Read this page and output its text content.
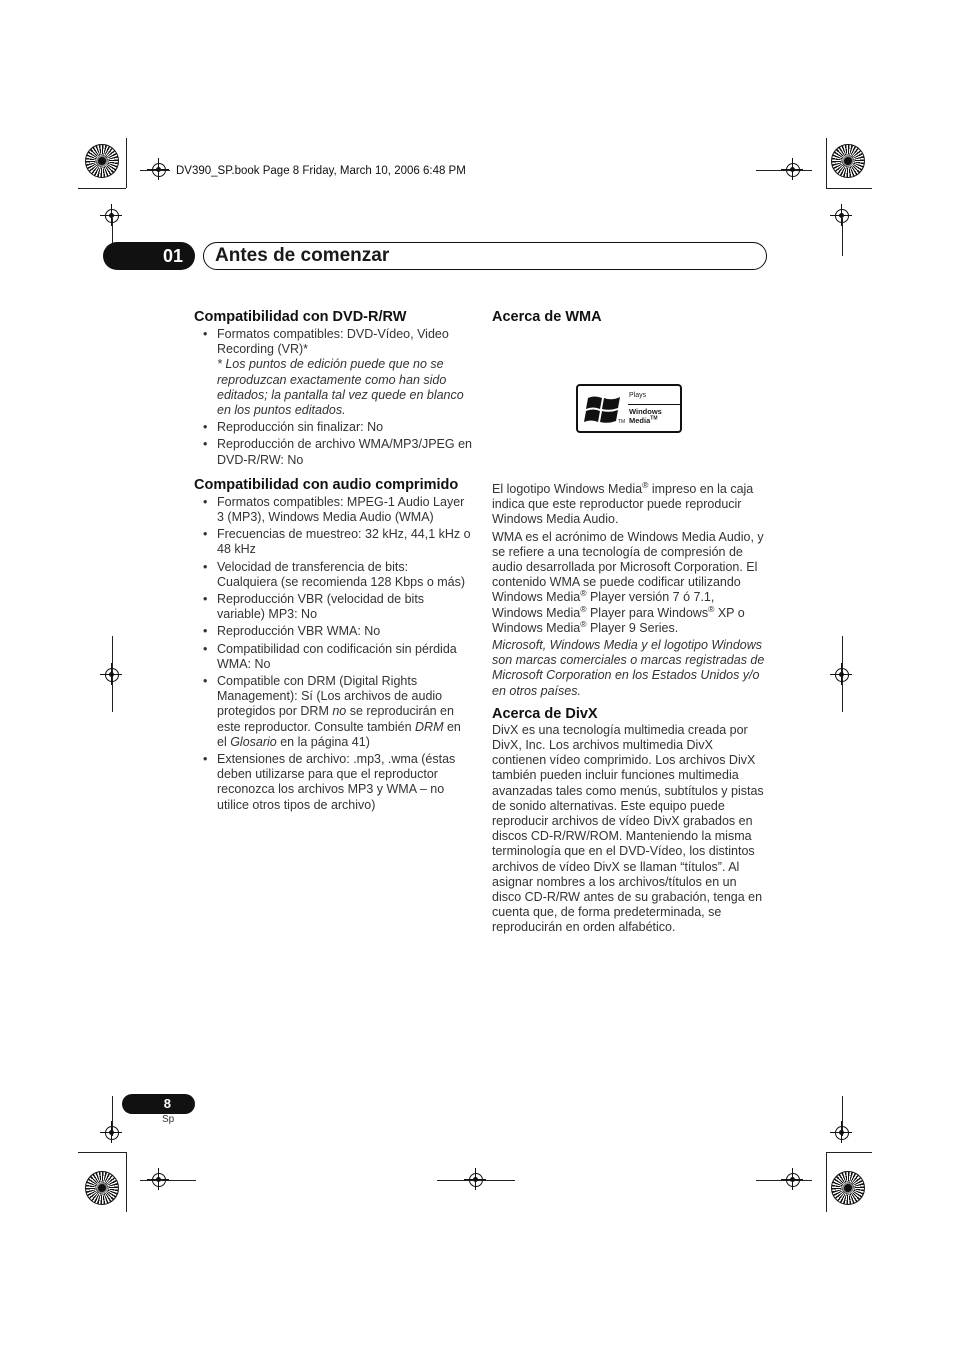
DV390_SP.book Page 8 Friday, March 10, 2006 6:48 PM
01	Antes de comenzar
Compatibilidad con DVD-R/RW
• Formatos compatibles: DVD-Vídeo, Video Recording (VR)*
* Los puntos de edición puede que no se reproduzcan exactamente como han sido editados; la pantalla tal vez quede en blanco en los puntos editados.
• Reproducción sin finalizar: No
• Reproducción de archivo WMA/MP3/JPEG en DVD-R/RW: No
Compatibilidad con audio comprimido
• Formatos compatibles: MPEG-1 Audio Layer 3 (MP3), Windows Media Audio (WMA)
• Frecuencias de muestreo: 32 kHz, 44,1 kHz o 48 kHz
• Velocidad de transferencia de bits: Cualquiera (se recomienda 128 Kbps o más)
• Reproducción VBR (velocidad de bits variable) MP3: No
• Reproducción VBR WMA: No
• Compatibilidad con codificación sin pérdida WMA: No
• Compatible con DRM (Digital Rights Management): Sí (Los archivos de audio protegidos por DRM no se reproducirán en este reproductor. Consulte también DRM en el Glosario en la página 41)
• Extensiones de archivo: .mp3, .wma (éstas deben utilizarse para que el reproductor reconozca los archivos MP3 y WMA – no utilice otros tipos de archivo)
Acerca de WMA

El logotipo Windows Media® impreso en la caja indica que este reproductor puede reproducir Windows Media Audio.

WMA es el acrónimo de Windows Media Audio, y se refiere a una tecnología de compresión de audio desarrollada por Microsoft Corporation. El contenido WMA se puede codificar utilizando Windows Media® Player versión 7 ó 7.1, Windows Media® Player para Windows® XP o Windows Media® Player 9 Series.

Microsoft, Windows Media y el logotipo Windows son marcas comerciales o marcas registradas de Microsoft Corporation en los Estados Unidos y/o en otros países.

Acerca de DivX

DivX es una tecnología multimedia creada por DivX, Inc. Los archivos multimedia DivX contienen vídeo comprimido. Los archivos DivX también pueden incluir funciones multimedia avanzadas tales como menús, subtítulos y pistas de sonido alternativas. Este equipo puede reproducir archivos de vídeo DivX grabados en discos CD-R/RW/ROM. Manteniendo la misma terminología que en el DVD-Vídeo, los distintos archivos de vídeo DivX se llaman “títulos”. Al asignar nombres a los archivos/títulos en un disco CD-R/RW antes de su grabación, tenga en cuenta que, de forma predeterminada, se reproducirán en orden alfabético.

TM
Plays
Windows
Media™
8
Sp
